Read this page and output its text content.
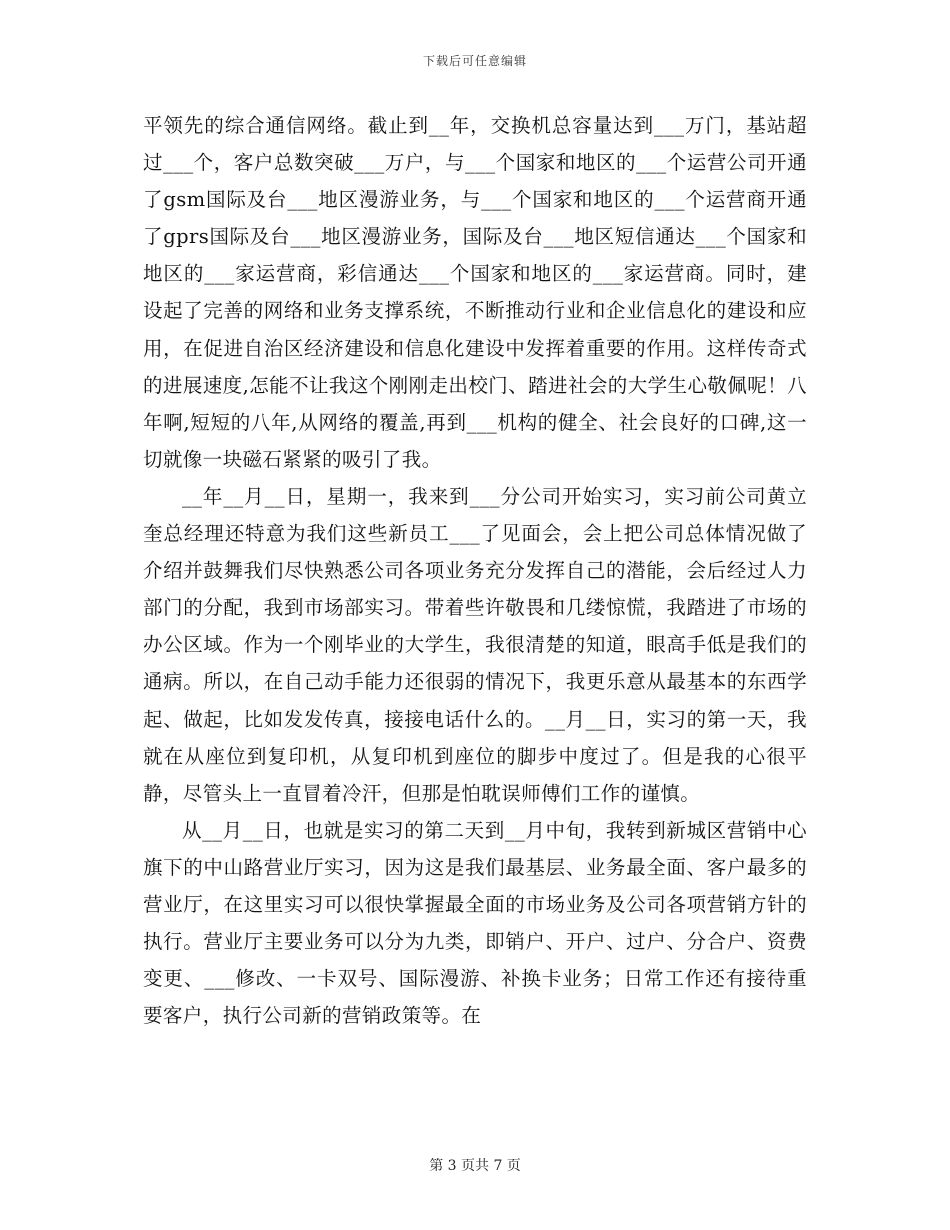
下载后可任意编辑

平领先的综合通信网络。截止到__年，交换机总容量达到___万门，基站超过___个，客户总数突破___万户，与___个国家和地区的___个运营公司开通了gsm国际及台___地区漫游业务，与___个国家和地区的___个运营商开通了gprs国际及台___地区漫游业务，国际及台___地区短信通达___个国家和地区的___家运营商，彩信通达___个国家和地区的___家运营商。同时，建设起了完善的网络和业务支撑系统，不断推动行业和企业信息化的建设和应用，在促进自治区经济建设和信息化建设中发挥着重要的作用。这样传奇式的进展速度,怎能不让我这个刚刚走出校门、踏进社会的大学生心敬佩呢！八年啊,短短的八年,从网络的覆盖,再到___机构的健全、社会良好的口碑,这一切就像一块磁石紧紧的吸引了我。

__年__月__日，星期一，我来到___分公司开始实习，实习前公司黄立奎总经理还特意为我们这些新员工___了见面会，会上把公司总体情况做了介绍并鼓舞我们尽快熟悉公司各项业务充分发挥自己的潜能，会后经过人力部门的分配，我到市场部实习。带着些许敬畏和几缕惊慌，我踏进了市场的办公区域。作为一个刚毕业的大学生，我很清楚的知道，眼高手低是我们的通病。所以，在自己动手能力还很弱的情况下，我更乐意从最基本的东西学起、做起，比如发发传真，接接电话什么的。__月__日，实习的第一天，我就在从座位到复印机，从复印机到座位的脚步中度过了。但是我的心很平静，尽管头上一直冒着冷汗，但那是怕耽误师傅们工作的谨慎。

从__月__日，也就是实习的第二天到__月中旬，我转到新城区营销中心旗下的中山路营业厅实习，因为这是我们最基层、业务最全面、客户最多的营业厅，在这里实习可以很快掌握最全面的市场业务及公司各项营销方针的执行。营业厅主要业务可以分为九类，即销户、开户、过户、分合户、资费变更、___修改、一卡双号、国际漫游、补换卡业务；日常工作还有接待重要客户，执行公司新的营销政策等。在

第 3 页共 7 页
